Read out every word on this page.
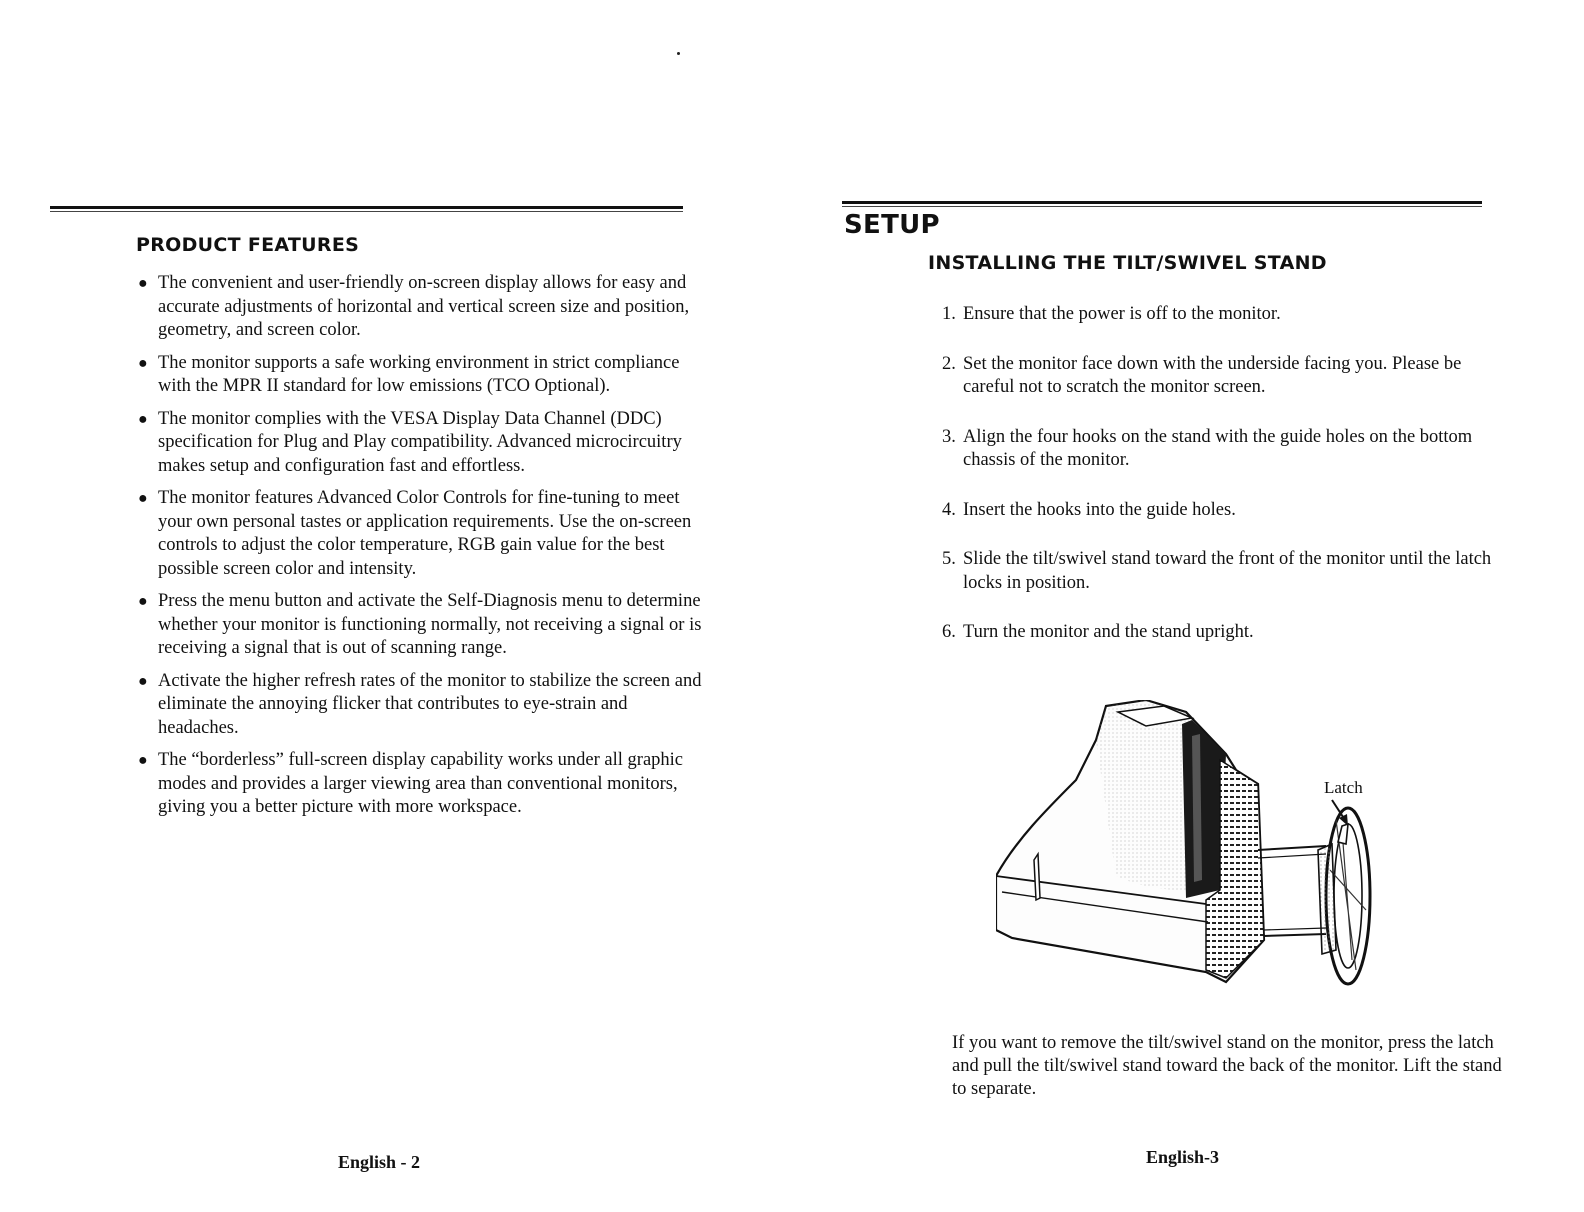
PRODUCT FEATURES
● The convenient and user-friendly on-screen display allows for easy and accurate adjustments of horizontal and vertical screen size and position, geometry, and screen color.
● The monitor supports a safe working environment in strict compliance with the MPR II standard for low emissions (TCO Optional).
● The monitor complies with the VESA Display Data Channel (DDC) specification for Plug and Play compatibility. Advanced microcircuitry makes setup and configuration fast and effortless.
● The monitor features Advanced Color Controls for fine-tuning to meet your own personal tastes or application requirements. Use the on-screen controls to adjust the color temperature, RGB gain value for the best possible screen color and intensity.
● Press the menu button and activate the Self-Diagnosis menu to determine whether your monitor is functioning normally, not receiving a signal or is receiving a signal that is out of scanning range.
● Activate the higher refresh rates of the monitor to stabilize the screen and eliminate the annoying flicker that contributes to eye-strain and headaches.
● The “borderless” full-screen display capability works under all graphic modes and provides a larger viewing area than conventional monitors, giving you a better picture with more workspace.
English - 2
SETUP
INSTALLING THE TILT/SWIVEL STAND
1. Ensure that the power is off to the monitor.
2. Set the monitor face down with the underside facing you. Please be careful not to scratch the monitor screen.
3. Align the four hooks on the stand with the guide holes on the bottom chassis of the monitor.
4. Insert the hooks into the guide holes.
5. Slide the tilt/swivel stand toward the front of the monitor until the latch locks in position.
6. Turn the monitor and the stand upright.
Latch

If you want to remove the tilt/swivel stand on the monitor, press the latch and pull the tilt/swivel stand toward the back of the monitor. Lift the stand to separate.

English-3
